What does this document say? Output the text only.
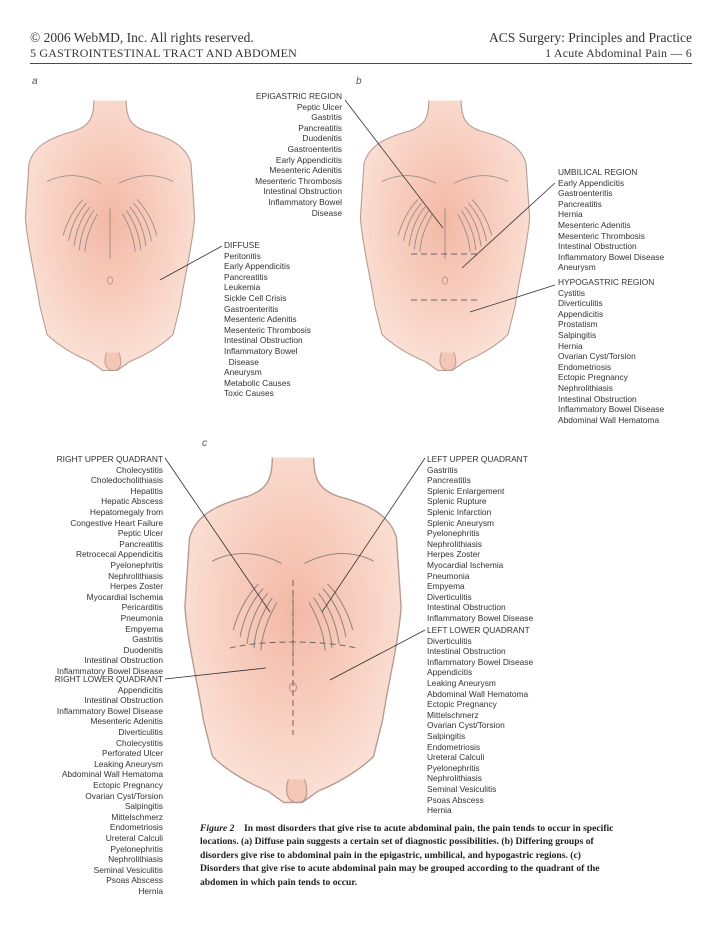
© 2006 WebMD, Inc. All rights reserved.	ACS Surgery: Principles and Practice
5 GASTROINTESTINAL TRACT AND ABDOMEN	1 Acute Abdominal Pain — 6
a	b
c
DIFFUSE
Peritonitis
Early Appendicitis
Pancreatitis
Leukemia
Sickle Cell Crisis
Gastroenteritis
Mesenteric Adenitis
Mesenteric Thrombosis
Intestinal Obstruction
Inflammatory Bowel
Disease
Aneurysm
Metabolic Causes
Toxic Causes
EPIGASTRIC REGION
Peptic Ulcer
Gastritis
Pancreatitis
Duodenitis
Gastroenteritis
Early Appendicitis
Mesenteric Adenitis
Mesenteric Thrombosis
Intestinal Obstruction
Inflammatory Bowel
Disease
UMBILICAL REGION
Early Appendicitis
Gastroenteritis
Pancreatitis
Hernia
Mesenteric Adenitis
Mesenteric Thrombosis
Intestinal Obstruction
Inflammatory Bowel Disease
Aneurysm
HYPOGASTRIC REGION
Cystitis
Diverticulitis
Appendicitis
Prostatism
Salpingitis
Hernia
Ovarian Cyst/Torsion
Endometriosis
Ectopic Pregnancy
Nephrolithiasis
Intestinal Obstruction
Inflammatory Bowel Disease
Abdominal Wall Hematoma
RIGHT UPPER QUADRANT
Cholecystitis
Choledocholithiasis
Hepatitis
Hepatic Abscess
Hepatomegaly from
Congestive Heart Failure
Peptic Ulcer
Pancreatitis
Retrocecal Appendicitis
Pyelonephritis
Nephrolithiasis
Herpes Zoster
Myocardial Ischemia
Pericarditis
Pneumonia
Empyema
Gastritis
Duodenitis
Intestinal Obstruction
Inflammatory Bowel Disease
RIGHT LOWER QUADRANT
Appendicitis
Intestinal Obstruction
Inflammatory Bowel Disease
Mesenteric Adenitis
Diverticulitis
Cholecystitis
Perforated Ulcer
Leaking Aneurysm
Abdominal Wall Hematoma
Ectopic Pregnancy
Ovarian Cyst/Torsion
Salpingitis
Mittelschmerz
Endometriosis
Ureteral Calculi
Pyelonephritis
Nephrolithiasis
Seminal Vesiculitis
Psoas Abscess
Hernia
LEFT UPPER QUADRANT
Gastritis
Pancreatitis
Splenic Enlargement
Splenic Rupture
Splenic Infarction
Splenic Aneurysm
Pyelonephritis
Nephrolithiasis
Herpes Zoster
Myocardial Ischemia
Pneumonia
Empyema
Diverticulitis
Intestinal Obstruction
Inflammatory Bowel Disease
LEFT LOWER QUADRANT
Diverticulitis
Intestinal Obstruction
Inflammatory Bowel Disease
Appendicitis
Leaking Aneurysm
Abdominal Wall Hematoma
Ectopic Pregnancy
Mittelschmerz
Ovarian Cyst/Torsion
Salpingitis
Endometriosis
Ureteral Calculi
Pyelonephritis
Nephrolithiasis
Seminal Vesiculitis
Psoas Abscess
Hernia
Figure 2 In most disorders that give rise to acute abdominal pain, the pain tends to occur in specific locations. (a) Diffuse pain suggests a certain set of diagnostic possibilities. (b) Differing groups of disorders give rise to abdominal pain in the epigastric, umbilical, and hypogastric regions. (c) Disorders that give rise to acute abdominal pain may be grouped according to the quadrant of the abdomen in which pain tends to occur.
